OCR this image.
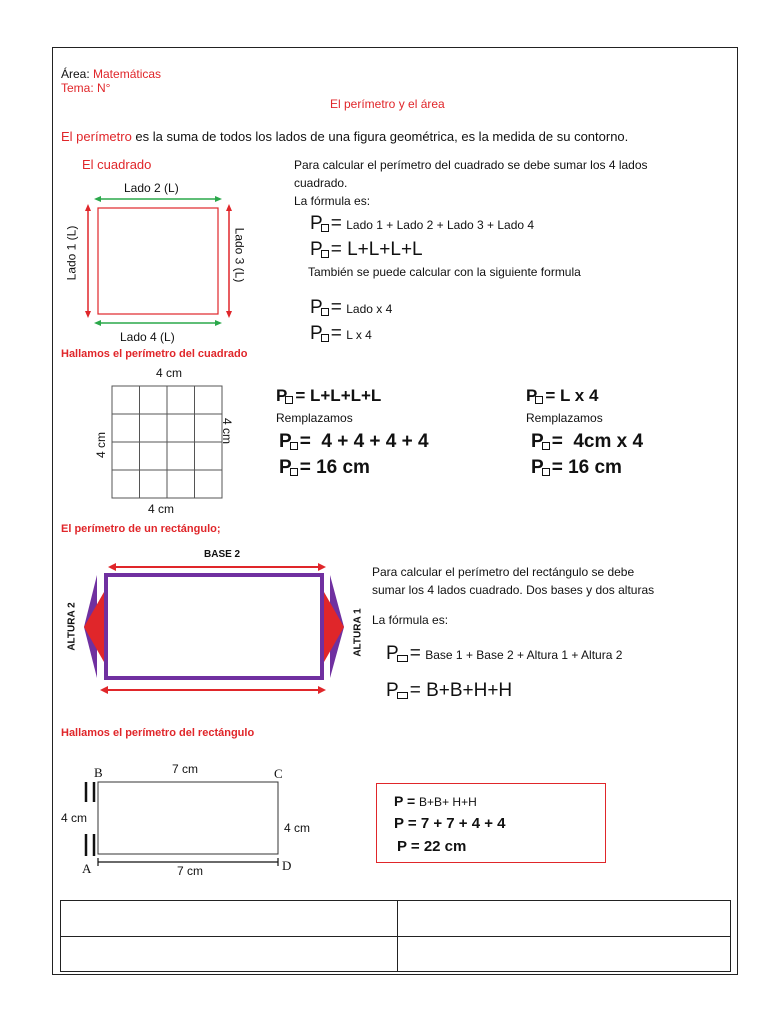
Área: Matemáticas
Tema: N°
El perímetro y el área
El perímetro es la suma de todos los lados de una figura geométrica, es la medida de su contorno.
El cuadrado
Lado 2 (L)
Lado 4 (L)
Lado 1 (L)	Lado 3 (L)
Para calcular el perímetro del cuadrado se debe sumar los 4 lados
cuadrado.
La fórmula es:
P = Lado 1 + Lado 2 + Lado 3 + Lado 4
P = L+L+L+L
También se puede calcular con la siguiente formula
P = Lado x 4
P = L x 4
Hallamos el perímetro del cuadrado
4 cm
4 cm
4 cm
4 cm
P = L+L+L+L
Remplazamos
P =  4 + 4 + 4 + 4
P = 16 cm
P = L x 4
Remplazamos
P =  4cm x 4
P = 16 cm
El perímetro de un rectángulo;
BASE 2
ALTURA 2	ALTURA 1
Para calcular el perímetro del rectángulo se debe
sumar los 4 lados cuadrado. Dos bases y dos alturas
La fórmula es:
P = Base 1 + Base 2 + Altura 1 + Altura 2
P = B+B+H+H
Hallamos el perímetro del rectángulo
B	C
A	D
7 cm
7 cm
4 cm
4 cm
P = B+B+ H+H
P = 7 + 7 + 4 + 4
P = 22 cm
